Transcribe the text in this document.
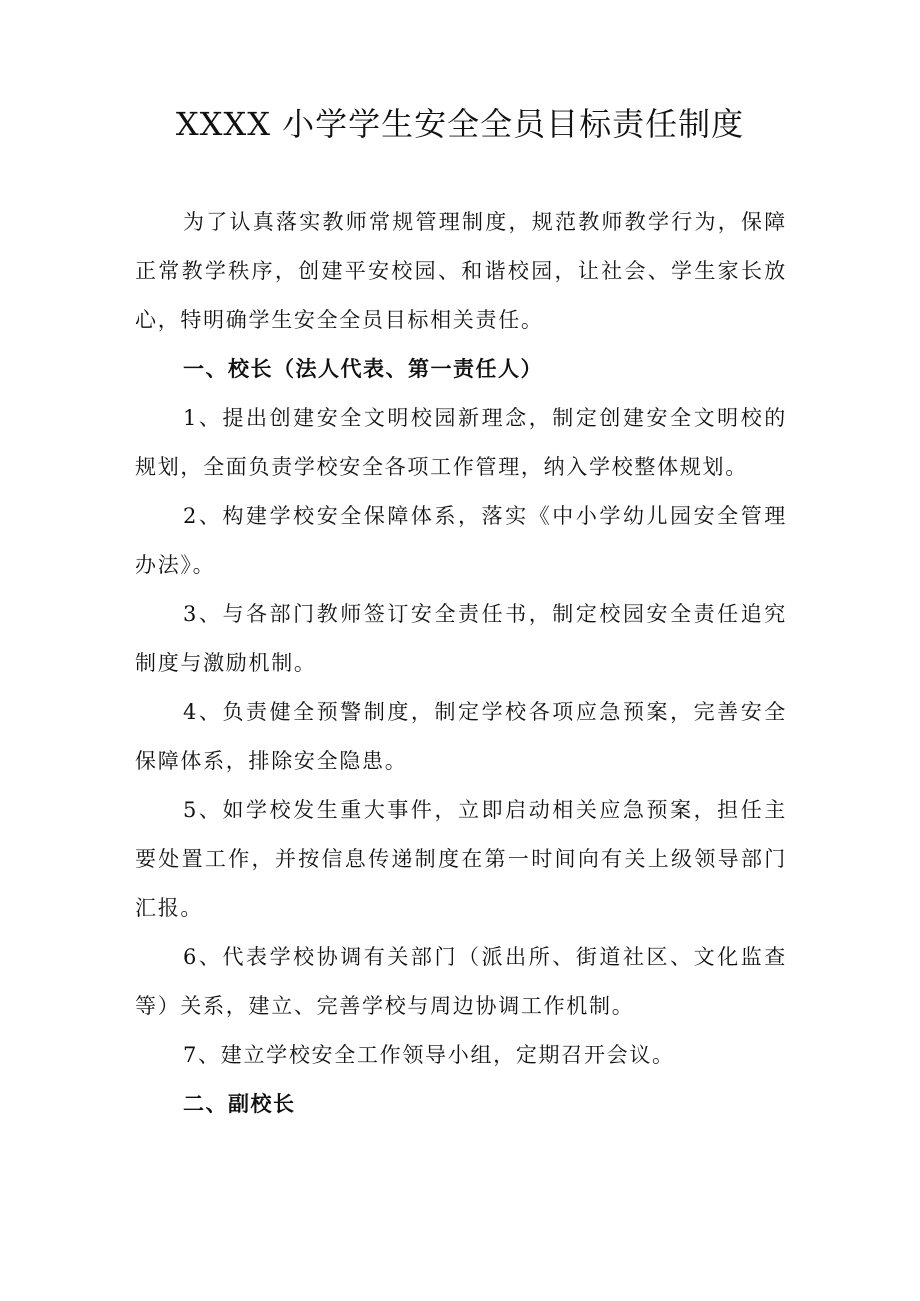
XXXX 小学学生安全全员目标责任制度

为了认真落实教师常规管理制度，规范教师教学行为，保障正常教学秩序，创建平安校园、和谐校园，让社会、学生家长放心，特明确学生安全全员目标相关责任。

一、校长（法人代表、第一责任人）

1、提出创建安全文明校园新理念，制定创建安全文明校的规划，全面负责学校安全各项工作管理，纳入学校整体规划。

2、构建学校安全保障体系，落实《中小学幼儿园安全管理办法》。

3、与各部门教师签订安全责任书，制定校园安全责任追究制度与激励机制。

4、负责健全预警制度，制定学校各项应急预案，完善安全保障体系，排除安全隐患。

5、如学校发生重大事件，立即启动相关应急预案，担任主要处置工作，并按信息传递制度在第一时间向有关上级领导部门汇报。

6、代表学校协调有关部门（派出所、街道社区、文化监查等）关系，建立、完善学校与周边协调工作机制。

7、建立学校安全工作领导小组，定期召开会议。

二、副校长
